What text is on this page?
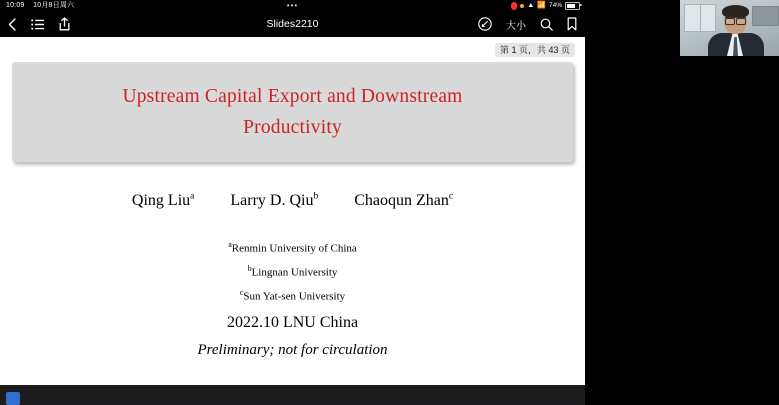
10:09 10月8日周六	•••	▲ 📶 74%
Slides2210	大小
Upstream Capital Export and Downstream
Productivity
Qing Liu$^a$ Larry D. Qiu$^b$ Chaoqun Zhan$^c$
$^a$Renmin University of China
$^b$Lingnan University
$^c$Sun Yat-sen University
2022.10 LNU China
Preliminary; not for circulation
第 1 页，共 43 页
